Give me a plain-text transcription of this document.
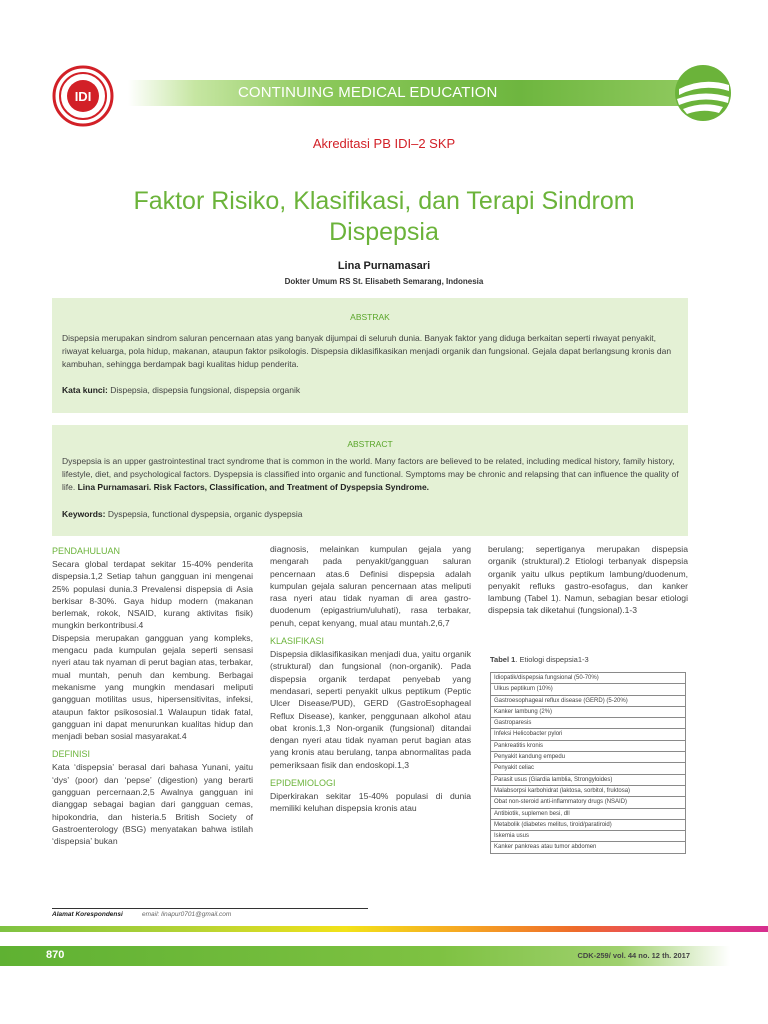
IDI	CONTINUING MEDICAL EDUCATION
Akreditasi PB IDI–2 SKP
Faktor Risiko, Klasifikasi, dan Terapi Sindrom Dispepsia
Lina Purnamasari
Dokter Umum RS St. Elisabeth Semarang, Indonesia
ABSTRAK
Dispepsia merupakan sindrom saluran pencernaan atas yang banyak dijumpai di seluruh dunia. Banyak faktor yang diduga berkaitan seperti riwayat penyakit, riwayat keluarga, pola hidup, makanan, ataupun faktor psikologis. Dispepsia diklasifikasikan menjadi organik dan fungsional. Gejala dapat berlangsung kronis dan kambuhan, sehingga berdampak bagi kualitas hidup penderita.
Kata kunci: Dispepsia, dispepsia fungsional, dispepsia organik
ABSTRACT
Dyspepsia is an upper gastrointestinal tract syndrome that is common in the world. Many factors are believed to be related, including medical history, family history, lifestyle, diet, and psychological factors. Dyspepsia is classified into organic and functional. Symptoms may be chronic and relapsing that can influence the quality of life. Lina Purnamasari. Risk Factors, Classification, and Treatment of Dyspepsia Syndrome.
Keywords: Dyspepsia, functional dyspepsia, organic dyspepsia
PENDAHULUAN

Secara global terdapat sekitar 15-40% penderita dispepsia.1,2 Setiap tahun gangguan ini mengenai 25% populasi dunia.3 Prevalensi dispepsia di Asia berkisar 8-30%. Gaya hidup modern (makanan berlemak, rokok, NSAID, kurang aktivitas fisik) mungkin berkontribusi.4

Dispepsia merupakan gangguan yang kompleks, mengacu pada kumpulan gejala seperti sensasi nyeri atau tak nyaman di perut bagian atas, terbakar, mual muntah, penuh dan kembung. Berbagai mekanisme yang mungkin mendasari meliputi gangguan motilitas usus, hipersensitivitas, infeksi, ataupun faktor psikososial.1 Walaupun tidak fatal, gangguan ini dapat menurunkan kualitas hidup dan menjadi beban sosial masyarakat.4

DEFINISI

Kata ‘dispepsia’ berasal dari bahasa Yunani, yaitu ‘dys’ (poor) dan ‘pepse’ (digestion) yang berarti gangguan percernaan.2,5 Awalnya gangguan ini dianggap sebagai bagian dari gangguan cemas, hipokondria, dan histeria.5 British Society of Gastroenterology (BSG) menyatakan bahwa istilah ‘dispepsia’ bukan

diagnosis, melainkan kumpulan gejala yang mengarah pada penyakit/gangguan saluran pencernaan atas.6 Definisi dispepsia adalah kumpulan gejala saluran pencernaan atas meliputi rasa nyeri atau tidak nyaman di area gastro-duodenum (epigastrium/uluhati), rasa terbakar, penuh, cepat kenyang, mual atau muntah.2,6,7

KLASIFIKASI

Dispepsia diklasifikasikan menjadi dua, yaitu organik (struktural) dan fungsional (non-organik). Pada dispepsia organik terdapat penyebab yang mendasari, seperti penyakit ulkus peptikum (Peptic Ulcer Disease/PUD), GERD (GastroEsophageal Reflux Disease), kanker, penggunaan alkohol atau obat kronis.1,3 Non-organik (fungsional) ditandai dengan nyeri atau tidak nyaman perut bagian atas yang kronis atau berulang, tanpa abnormalitas pada pemeriksaan fisik dan endoskopi.1,3

EPIDEMIOLOGI

Diperkirakan sekitar 15-40% populasi di dunia memiliki keluhan dispepsia kronis atau

berulang; sepertiganya merupakan dispepsia organik (struktural).2 Etiologi terbanyak dispepsia organik yaitu ulkus peptikum lambung/duodenum, penyakit refluks gastro-esofagus, dan kanker lambung (Tabel 1). Namun, sebagian besar etiologi dispepsia tak diketahui (fungsional).1-3

Tabel 1. Etiologi dispepsia1-3
Idiopatik/dispepsia fungsional (50-70%)
Ulkus peptikum (10%)
Gastroesophageal reflux disease (GERD) (5-20%)
Kanker lambung (2%)
Gastroparesis
Infeksi Helicobacter pylori
Pankreatitis kronis
Penyakit kandung empedu
Penyakit celiac
Parasit usus (Giardia lamblia, Strongyloides)
Malabsorpsi karbohidrat (laktosa, sorbitol, fruktosa)
Obat non-steroid anti-inflammatory drugs (NSAID)
Antibiotik, suplemen besi, dll
Metabolik (diabetes melitus, tiroid/paratiroid)
Iskemia usus
Kanker pankreas atau tumor abdomen
Alamat Korespondensi	email: linapur0701@gmail.com
870	CDK-259/ vol. 44 no. 12 th. 2017
